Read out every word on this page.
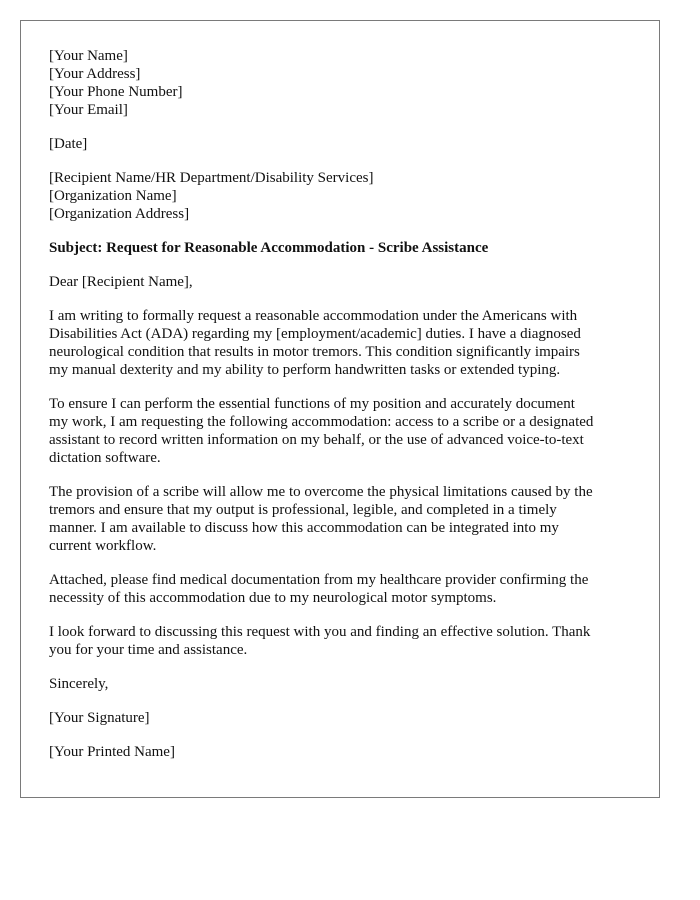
[Your Name]
[Your Address]
[Your Phone Number]
[Your Email]
[Date]
[Recipient Name/HR Department/Disability Services]
[Organization Name]
[Organization Address]
Subject: Request for Reasonable Accommodation - Scribe Assistance
Dear [Recipient Name],

I am writing to formally request a reasonable accommodation under the Americans with
Disabilities Act (ADA) regarding my [employment/academic] duties. I have a diagnosed
neurological condition that results in motor tremors. This condition significantly impairs
my manual dexterity and my ability to perform handwritten tasks or extended typing.

To ensure I can perform the essential functions of my position and accurately document
my work, I am requesting the following accommodation: access to a scribe or a designated
assistant to record written information on my behalf, or the use of advanced voice-to-text
dictation software.

The provision of a scribe will allow me to overcome the physical limitations caused by the
tremors and ensure that my output is professional, legible, and completed in a timely
manner. I am available to discuss how this accommodation can be integrated into my
current workflow.

Attached, please find medical documentation from my healthcare provider confirming the
necessity of this accommodation due to my neurological motor symptoms.

I look forward to discussing this request with you and finding an effective solution. Thank
you for your time and assistance.

Sincerely,
[Your Signature]
[Your Printed Name]
